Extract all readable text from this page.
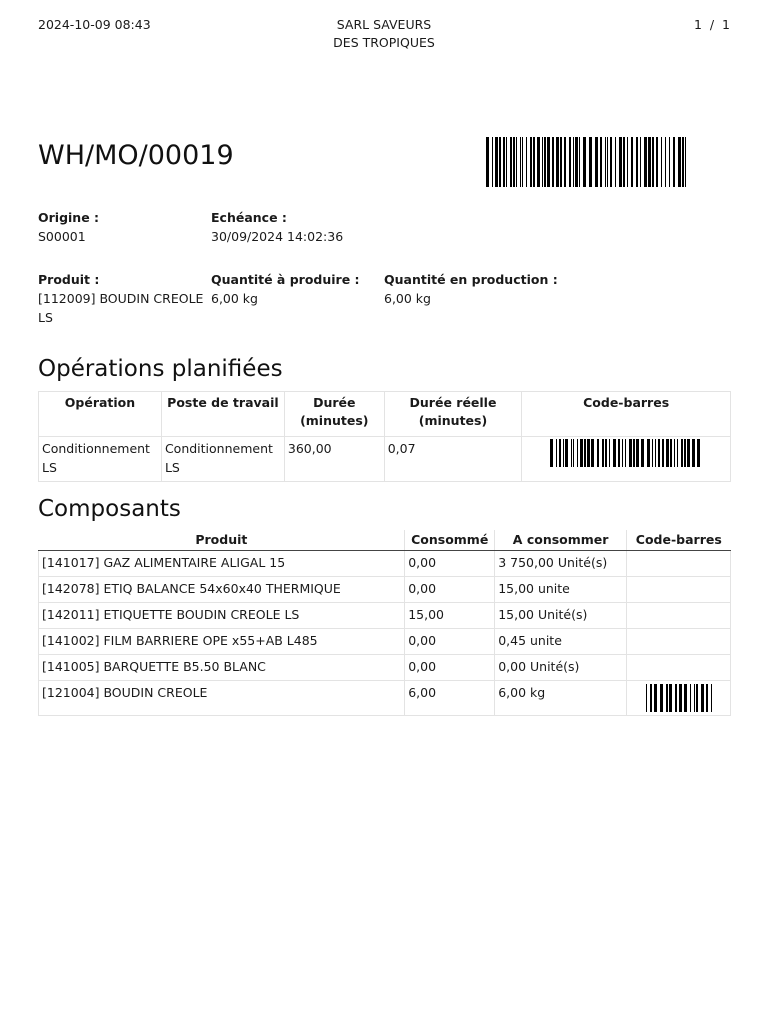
2024-10-09 08:43	SARL SAVEURS
DES TROPIQUES
1  /  1
WH/MO/00019
Origine :
S00001
Echéance :
30/09/2024 14:02:36
Produit :
[112009] BOUDIN CREOLE LS
Quantité à produire :
6,00 kg
Quantité en production :
6,00 kg
Opérations planifiées
Opération	Poste de travail	Durée (minutes)	Durée réelle (minutes)	Code-barres
Conditionnement LS	Conditionnement LS	360,00	0,07	
Composants
Produit	Consommé	A consommer	Code-barres
[141017] GAZ ALIMENTAIRE ALIGAL 15	0,00	3 750,00 Unité(s)	
[142078] ETIQ BALANCE 54x60x40 THERMIQUE	0,00	15,00 unite	
[142011] ETIQUETTE BOUDIN CREOLE LS	15,00	15,00 Unité(s)	
[141002] FILM BARRIERE OPE x55+AB L485	0,00	0,45 unite	
[141005] BARQUETTE B5.50 BLANC	0,00	0,00 Unité(s)	
[121004] BOUDIN CREOLE	6,00	6,00 kg	
